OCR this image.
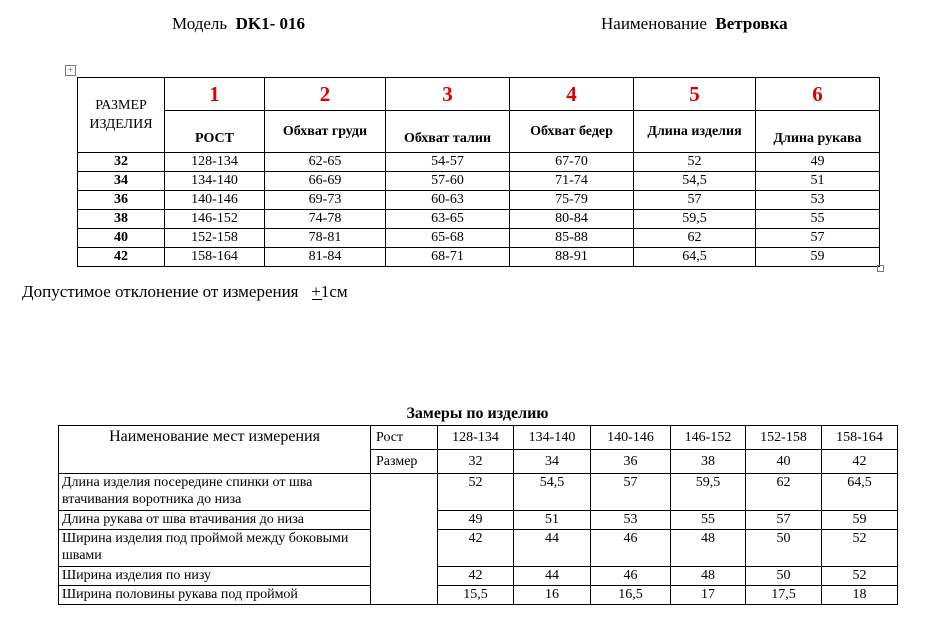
Модель DK1- 016	Наименование Ветровка
+
РАЗМЕР ИЗДЕЛИЯ	1	2	3	4	5	6
	РОСТ	Обхват груди	Обхват талии	Обхват бедер	Длина изделия	Длина рукава
32	128-134	62-65	54-57	67-70	52	49
34	134-140	66-69	57-60	71-74	54,5	51
36	140-146	69-73	60-63	75-79	57	53
38	146-152	74-78	63-65	80-84	59,5	55
40	152-158	78-81	65-68	85-88	62	57
42	158-164	81-84	68-71	88-91	64,5	59
Допустимое отклонение от измерения +1см
Замеры по изделию
Наименование мест измерения	Рост	128-134	134-140	140-146	146-152	152-158	158-164
	Размер	32	34	36	38	40	42
Длина изделия посередине спинки от шва втачивания воротника до низа		52	54,5	57	59,5	62	64,5
Длина рукава от шва втачивания до низа		49	51	53	55	57	59
Ширина изделия под проймой между боковыми швами		42	44	46	48	50	52
Ширина изделия по низу		42	44	46	48	50	52
Ширина половины рукава под проймой		15,5	16	16,5	17	17,5	18
